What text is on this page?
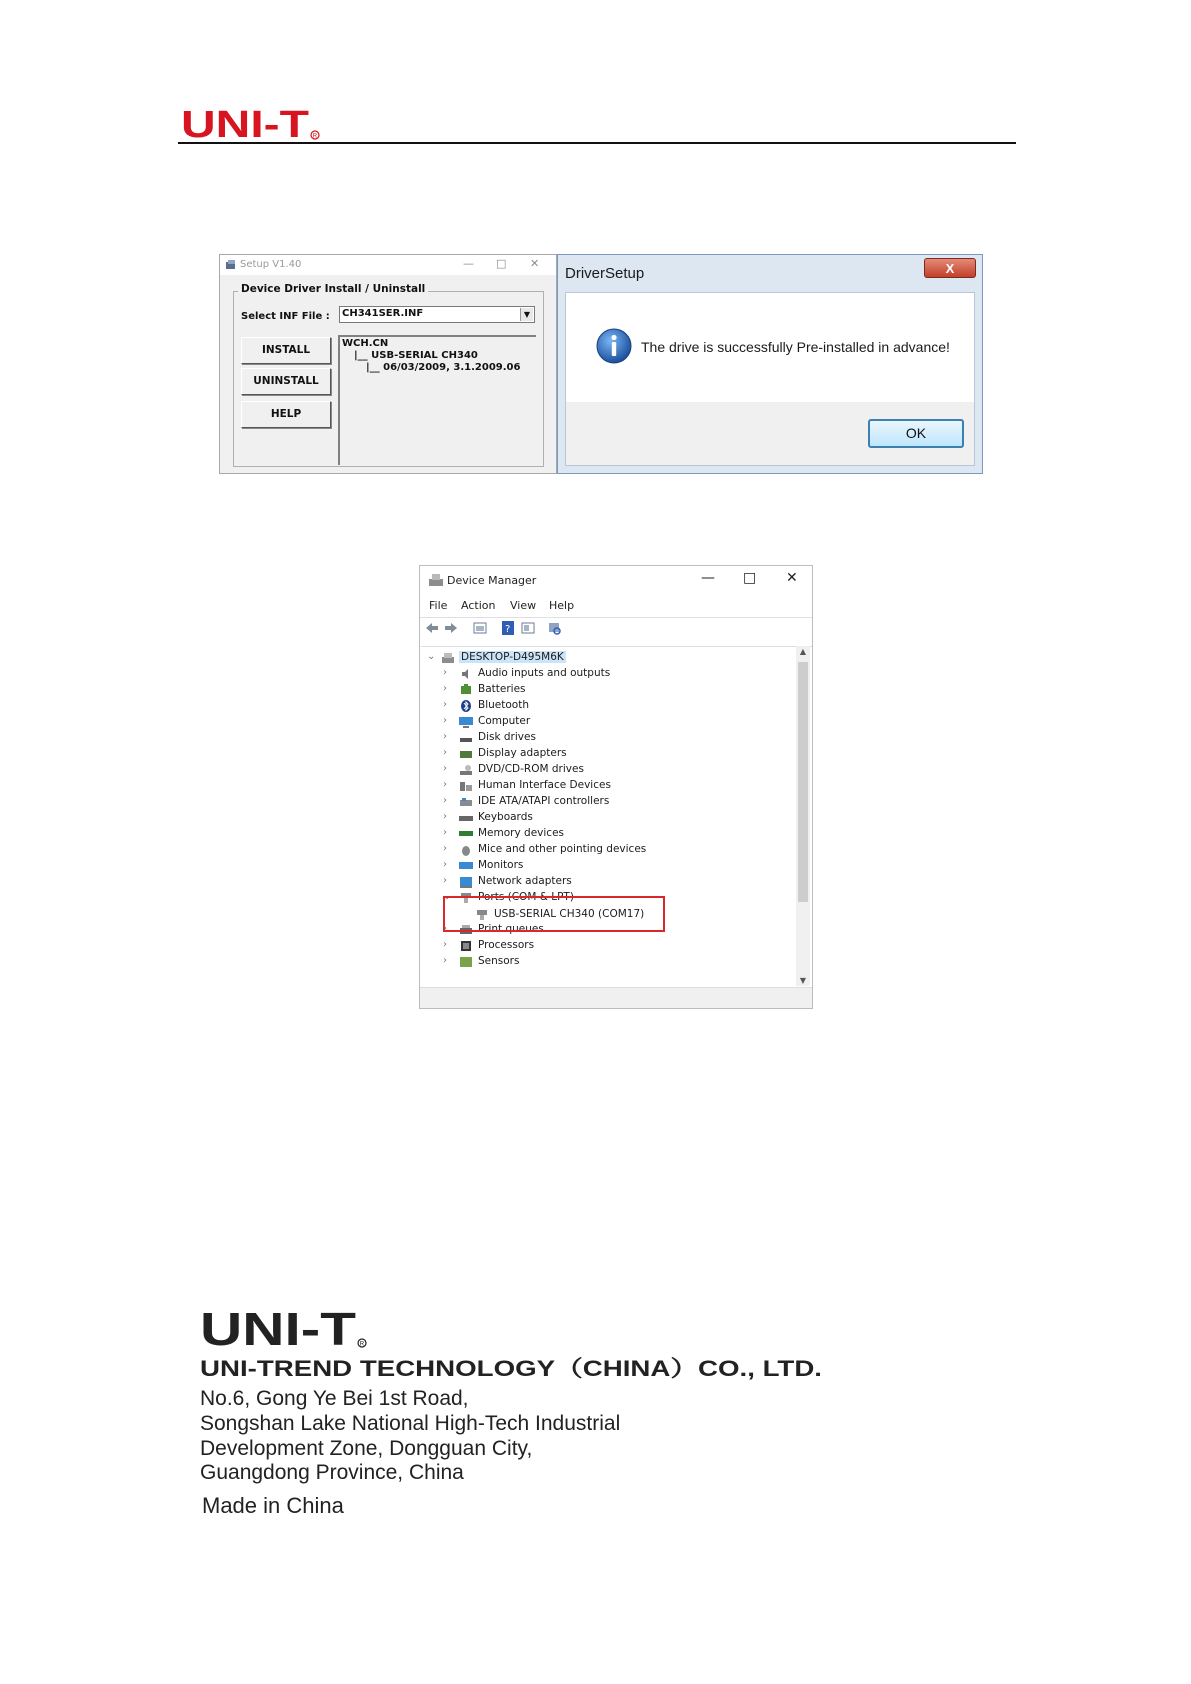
UNI-T R
Setup V1.40	— □ ✕
Device Driver Install / Uninstall
Select INF File :	CH341SER.INF	▼
INSTALL
UNINSTALL
HELP
WCH.CN
|__ USB-SERIAL CH340
|__ 06/03/2009, 3.1.2009.06
DriverSetup	X
The drive is successfully Pre-installed in advance!
OK
Device Manager	— □ ✕
File Action View Help
?
⌄ DESKTOP-D495M6K
›	Audio inputs and outputs
›	Batteries
›	Bluetooth
›	Computer
›	Disk drives
›	Display adapters
›	DVD/CD-ROM drives
›	Human Interface Devices
›	IDE ATA/ATAPI controllers
›	Keyboards
›	Memory devices
›	Mice and other pointing devices
›	Monitors
›	Network adapters
⌄	Ports (COM & LPT)
USB-SERIAL CH340 (COM17)
›	Print queues
›	Processors
›	Sensors
▲
▼
UNI-T R
UNI-TREND TECHNOLOGY（CHINA）CO., LTD.
No.6, Gong Ye Bei 1st Road,
Songshan Lake National High-Tech Industrial
Development Zone, Dongguan City,
Guangdong Province, China
Made in China
